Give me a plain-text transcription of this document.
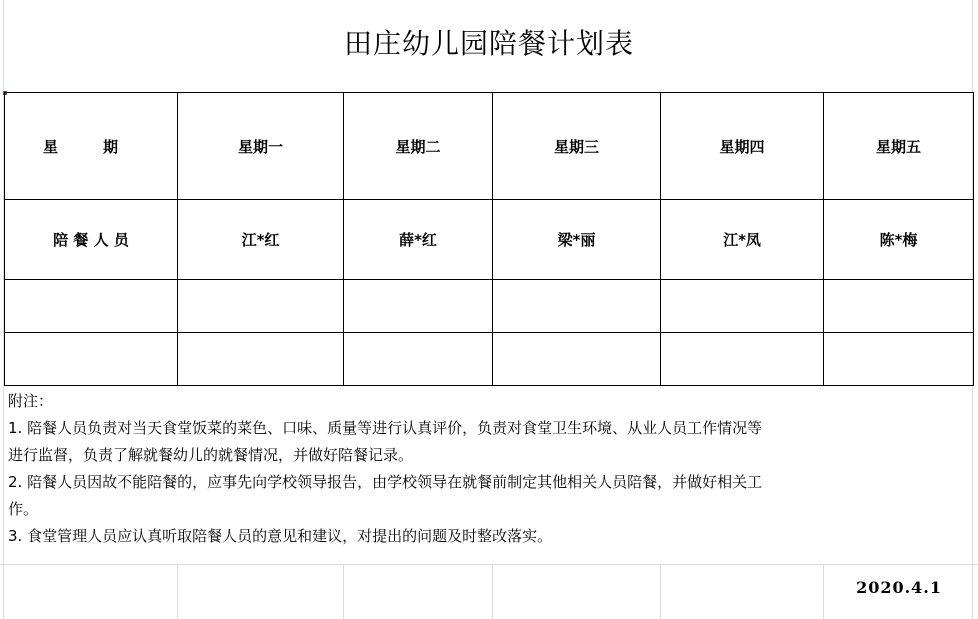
田庄幼儿园陪餐计划表
星　　　期	星期一	星期二	星期三	星期四	星期五
陪 餐 人 员	江*红	薛*红	梁*丽	江*凤	陈*梅

附注：
1. 陪餐人员负责对当天食堂饭菜的菜色、口味、质量等进行认真评价，负责对食堂卫生环境、从业人员工作情况等
进行监督，负责了解就餐幼儿的就餐情况，并做好陪餐记录。
2. 陪餐人员因故不能陪餐的，应事先向学校领导报告，由学校领导在就餐前制定其他相关人员陪餐，并做好相关工
作。
3. 食堂管理人员应认真听取陪餐人员的意见和建议，对提出的问题及时整改落实。
2020.4.1
